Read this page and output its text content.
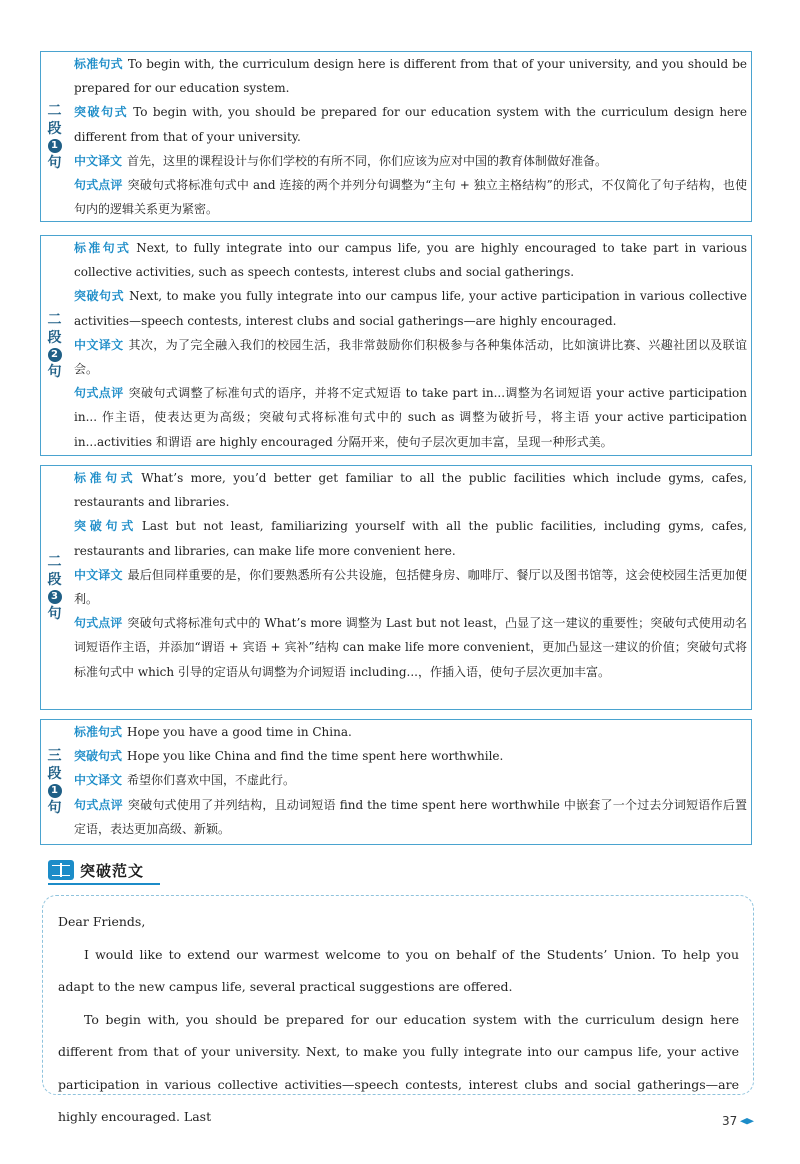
二
段
1
句

标准句式 To begin with, the curriculum design here is different from that of your university, and you should be prepared for our education system.

突破句式 To begin with, you should be prepared for our education system with the curriculum design here different from that of your university.

中文译文 首先，这里的课程设计与你们学校的有所不同，你们应该为应对中国的教育体制做好准备。

句式点评 突破句式将标准句式中 and 连接的两个并列分句调整为“主句 + 独立主格结构”的形式，不仅简化了句子结构，也使句内的逻辑关系更为紧密。

二
段
2
句

标准句式 Next, to fully integrate into our campus life, you are highly encouraged to take part in various collective activities, such as speech contests, interest clubs and social gatherings.

突破句式 Next, to make you fully integrate into our campus life, your active participation in various collective activities—speech contests, interest clubs and social gatherings—are highly encouraged.

中文译文 其次，为了完全融入我们的校园生活，我非常鼓励你们积极参与各种集体活动，比如演讲比赛、兴趣社团以及联谊会。

句式点评 突破句式调整了标准句式的语序，并将不定式短语 to take part in...调整为名词短语 your active participation in... 作主语，使表达更为高级；突破句式将标准句式中的 such as 调整为破折号，将主语 your active participation in...activities 和谓语 are highly encouraged 分隔开来，使句子层次更加丰富，呈现一种形式美。

二
段
3
句

标准句式 What’s more, you’d better get familiar to all the public facilities which include gyms, cafes, restaurants and libraries.

突破句式 Last but not least, familiarizing yourself with all the public facilities, including gyms, cafes, restaurants and libraries, can make life more convenient here.

中文译文 最后但同样重要的是，你们要熟悉所有公共设施，包括健身房、咖啡厅、餐厅以及图书馆等，这会使校园生活更加便利。

句式点评 突破句式将标准句式中的 What’s more 调整为 Last but not least，凸显了这一建议的重要性；突破句式使用动名词短语作主语，并添加“谓语 + 宾语 + 宾补”结构 can make life more convenient，更加凸显这一建议的价值；突破句式将标准句式中 which 引导的定语从句调整为介词短语 including...，作插入语，使句子层次更加丰富。

三
段
1
句

标准句式 Hope you have a good time in China.

突破句式 Hope you like China and find the time spent here worthwhile.

中文译文 希望你们喜欢中国，不虚此行。

句式点评 突破句式使用了并列结构，且动词短语 find the time spent here worthwhile 中嵌套了一个过去分词短语作后置定语，表达更加高级、新颖。

突破范文

Dear Friends,

I would like to extend our warmest welcome to you on behalf of the Students’ Union. To help you adapt to the new campus life, several practical suggestions are offered.

To begin with, you should be prepared for our education system with the curriculum design here different from that of your university. Next, to make you fully integrate into our campus life, your active participation in various collective activities—speech contests, interest clubs and social gatherings—are highly encouraged. Last	37
